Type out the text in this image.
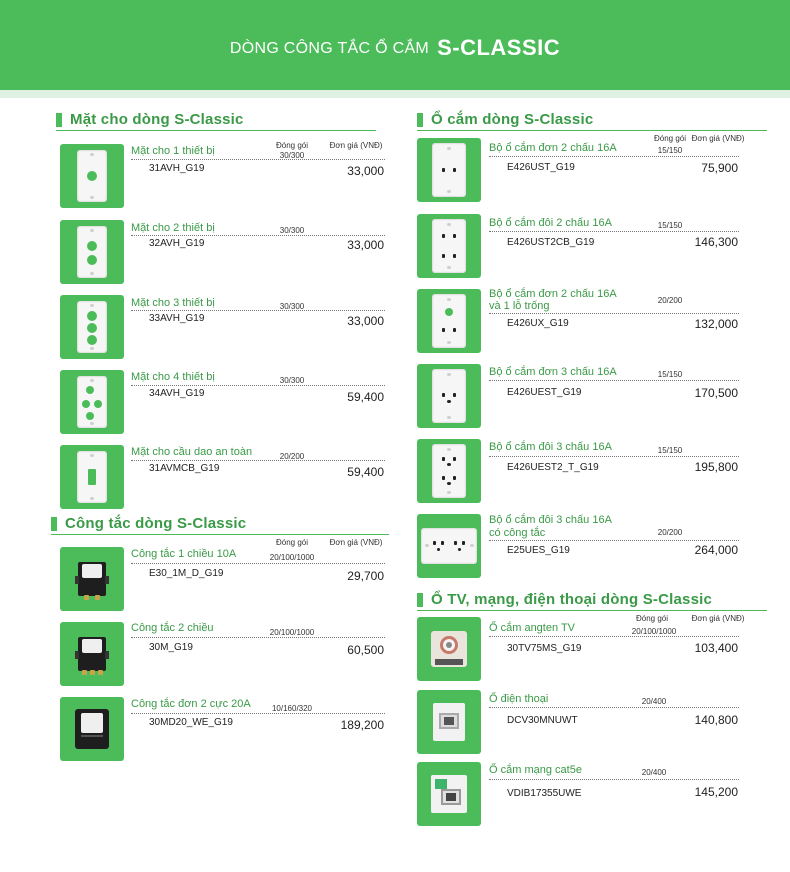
DÒNG CÔNG TẮC Ổ CẮM S-CLASSIC
Mặt cho dòng S-Classic
Đóng gói	Đơn giá (VNĐ)
Mặt cho 1 thiết bị	30/300
31AVH_G19	33,000
Mặt cho 2 thiết bị	30/300
32AVH_G19	33,000
Mặt cho 3 thiết bị	30/300
33AVH_G19	33,000
Mặt cho 4 thiết bị	30/300
34AVH_G19	59,400
Mặt cho cầu dao an toàn	20/200
31AVMCB_G19	59,400
Công tắc dòng S-Classic
Đóng gói	Đơn giá (VNĐ)
Công tắc 1 chiều 10A	20/100/1000
E30_1M_D_G19	29,700
Công tắc 2 chiều	20/100/1000
30M_G19	60,500
Công tắc đơn 2 cực 20A	10/160/320
30MD20_WE_G19	189,200
Ổ cắm dòng S-Classic
Đóng gói Đơn giá (VNĐ)
Bộ ổ cắm đơn 2 chấu 16A	15/150
E426UST_G19	75,900
Bộ ổ cắm đôi 2 chấu 16A	15/150
E426UST2CB_G19	146,300
Bộ ổ cắm đơn 2 chấu 16A
và 1 lỗ trống	20/200
E426UX_G19	132,000
Bộ ổ cắm đơn 3 chấu 16A	15/150
E426UEST_G19	170,500
Bộ ổ cắm đôi 3 chấu 16A	15/150
E426UEST2_T_G19	195,800
Bộ ổ cắm đôi 3 chấu 16A
có công tắc	20/200
E25UES_G19	264,000
Ổ TV, mạng, điện thoại dòng S-Classic
Đóng gói	Đơn giá (VNĐ)
Ổ cắm angten TV	20/100/1000
30TV75MS_G19	103,400
Ổ điện thoại	20/400
DCV30MNUWT	140,800
Ổ cắm mạng cat5e	20/400
VDIB17355UWE	145,200
